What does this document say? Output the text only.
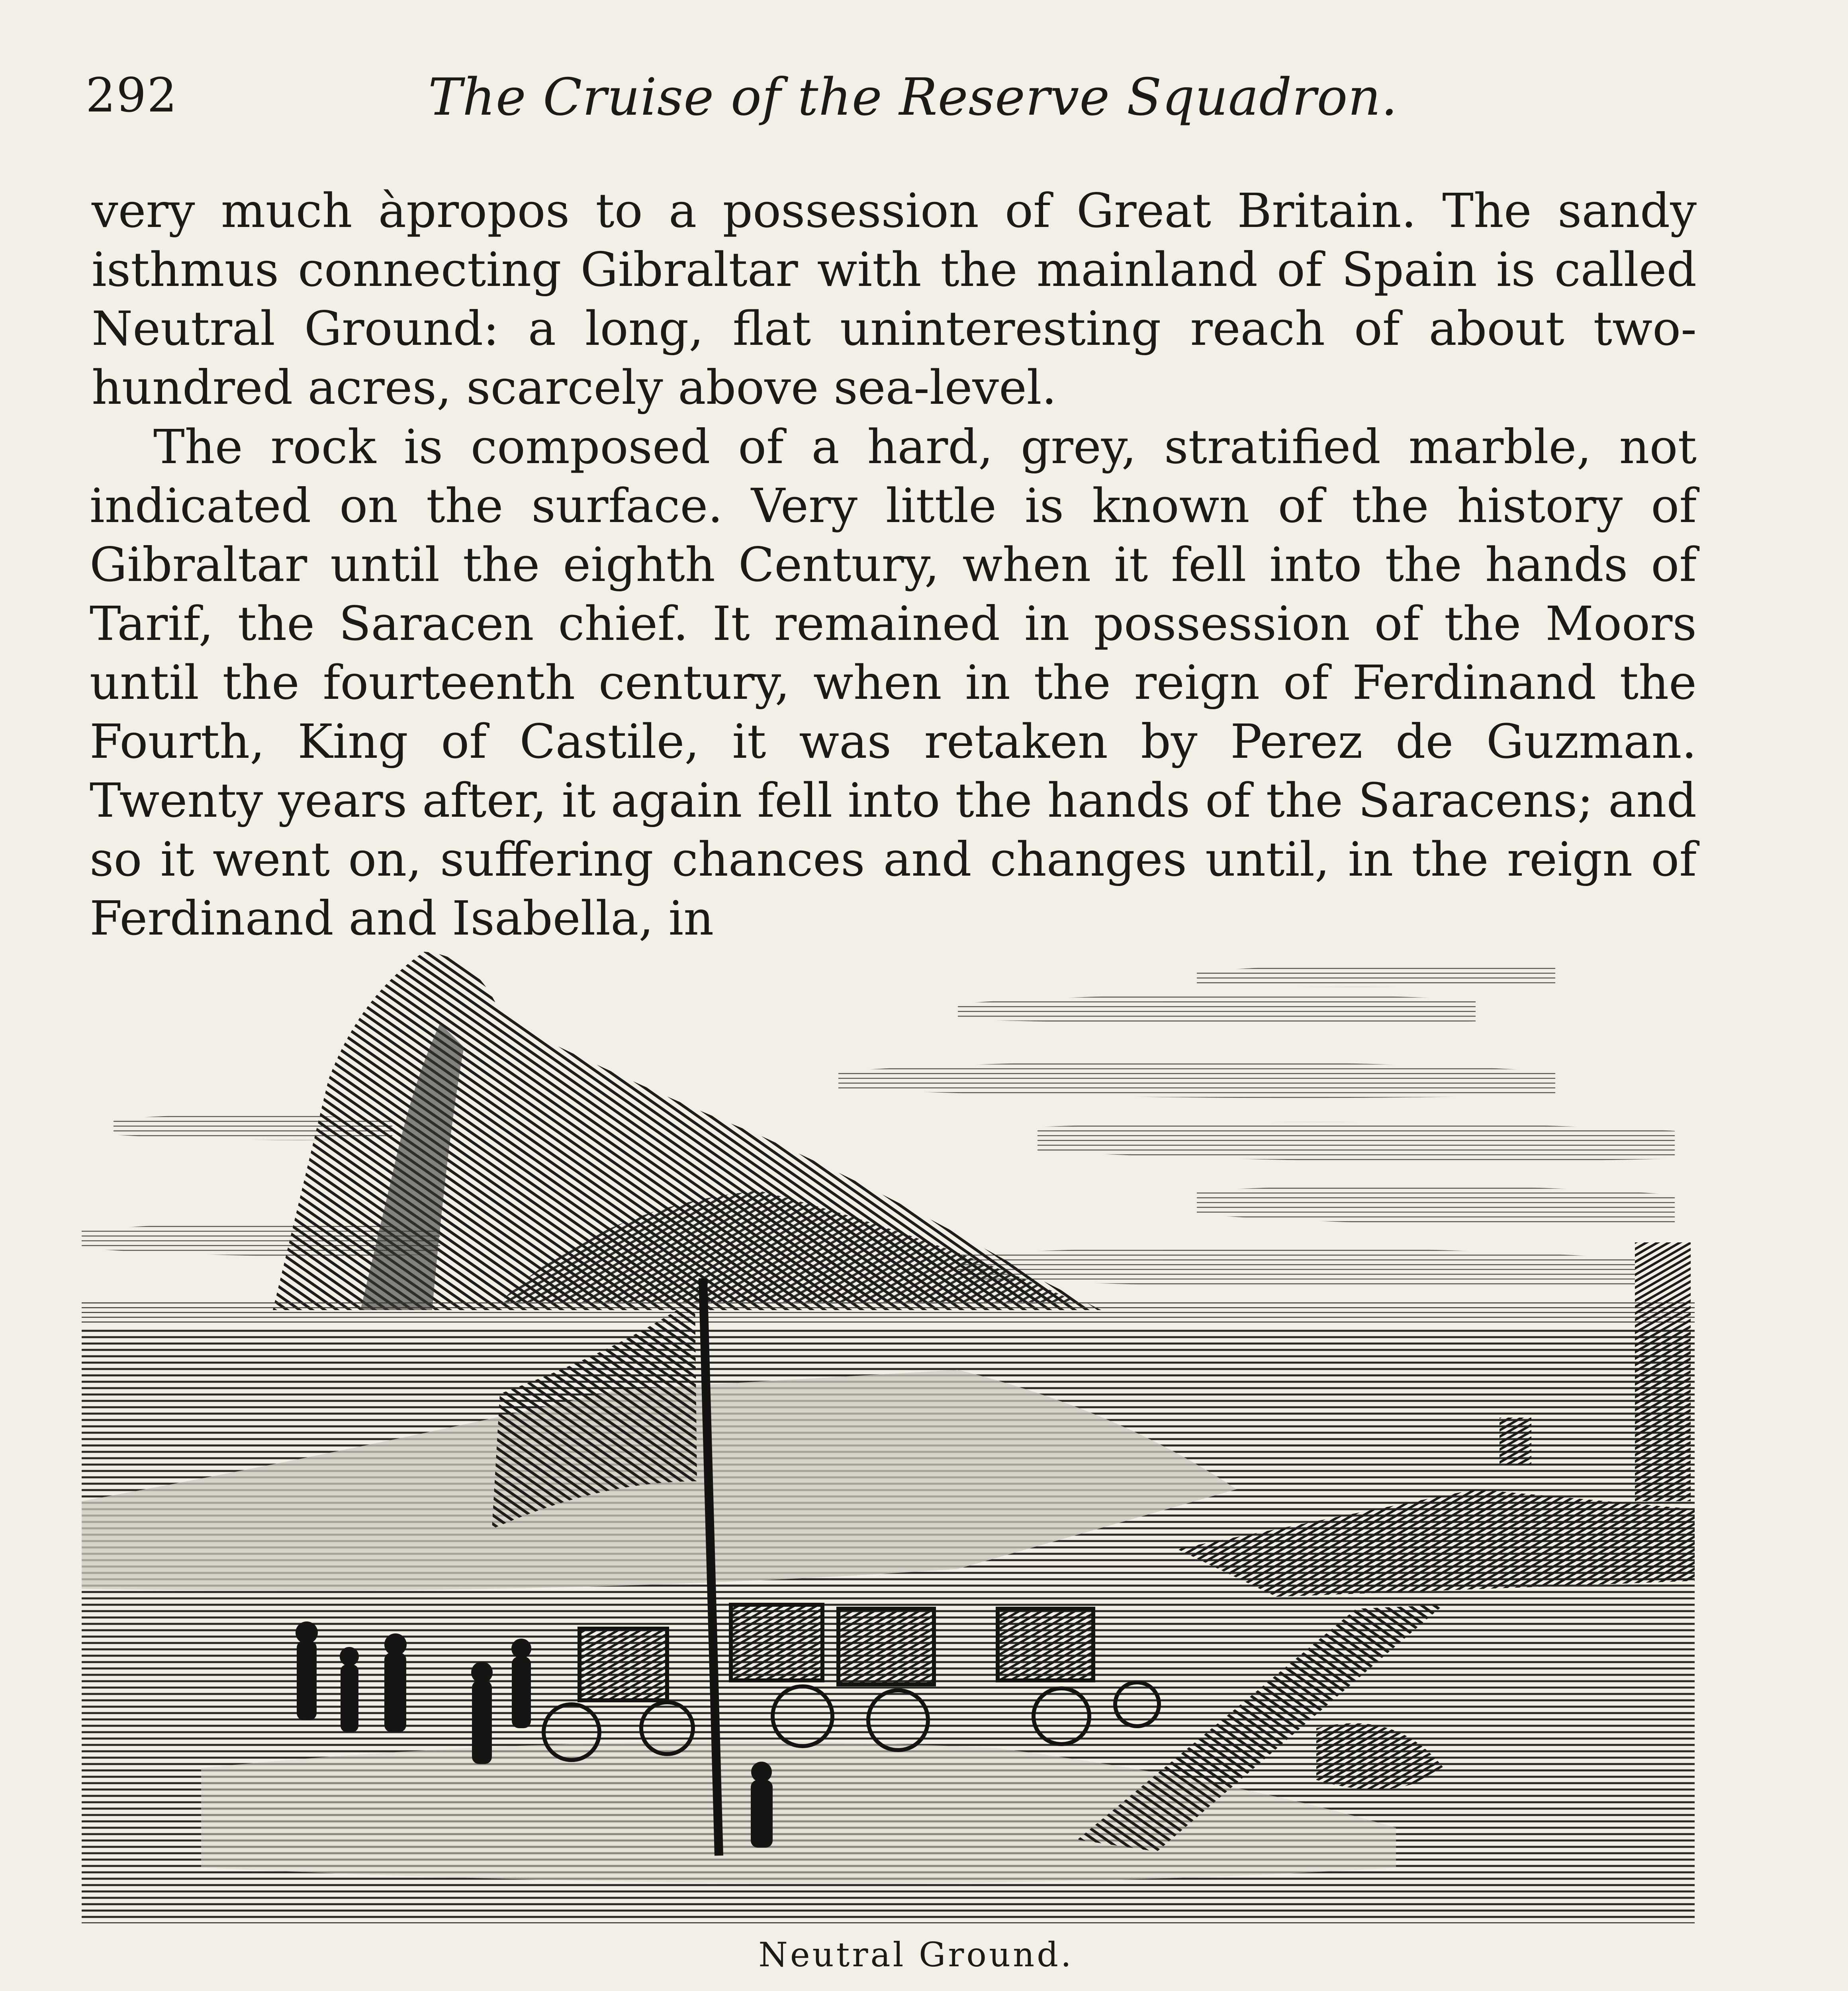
292	The Cruise of the Reserve Squadron.

very much àpropos to a possession of Great Britain. The sandy isthmus connecting Gibraltar with the mainland of Spain is called Neutral Ground: a long, flat uninteresting reach of about two-hundred acres, scarcely above sea-level.

The rock is composed of a hard, grey, stratified marble, not indicated on the surface. Very little is known of the history of Gibraltar until the eighth Century, when it fell into the hands of Tarif, the Saracen chief. It remained in possession of the Moors until the fourteenth century, when in the reign of Ferdinand the Fourth, King of Castile, it was retaken by Perez de Guzman. Twenty years after, it again fell into the hands of the Saracens; and so it went on, suffering chances and changes until, in the reign of Ferdinand and Isabella, in

Neutral Ground.
